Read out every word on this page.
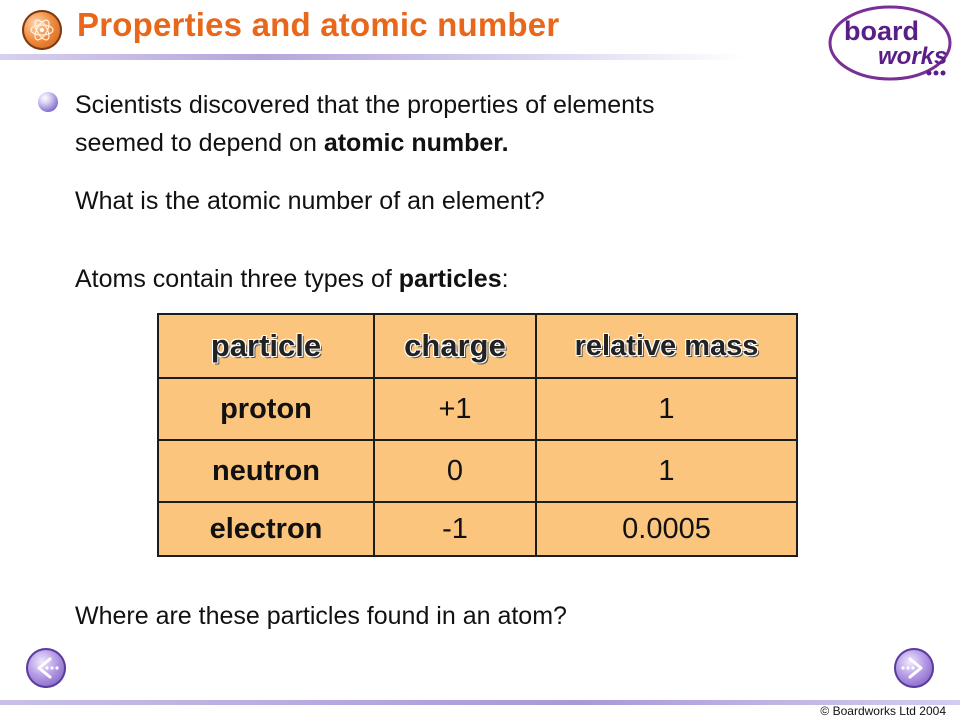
Properties and atomic number	board
works

Scientists discovered that the properties of elements

seemed to depend on atomic number.

What is the atomic number of an element?

Atoms contain three types of particles:

particle	charge	relative mass
proton	+1	1
neutron	0	1
electron	-1	0.0005

Where are these particles found in an atom?

© Boardworks Ltd 2004
